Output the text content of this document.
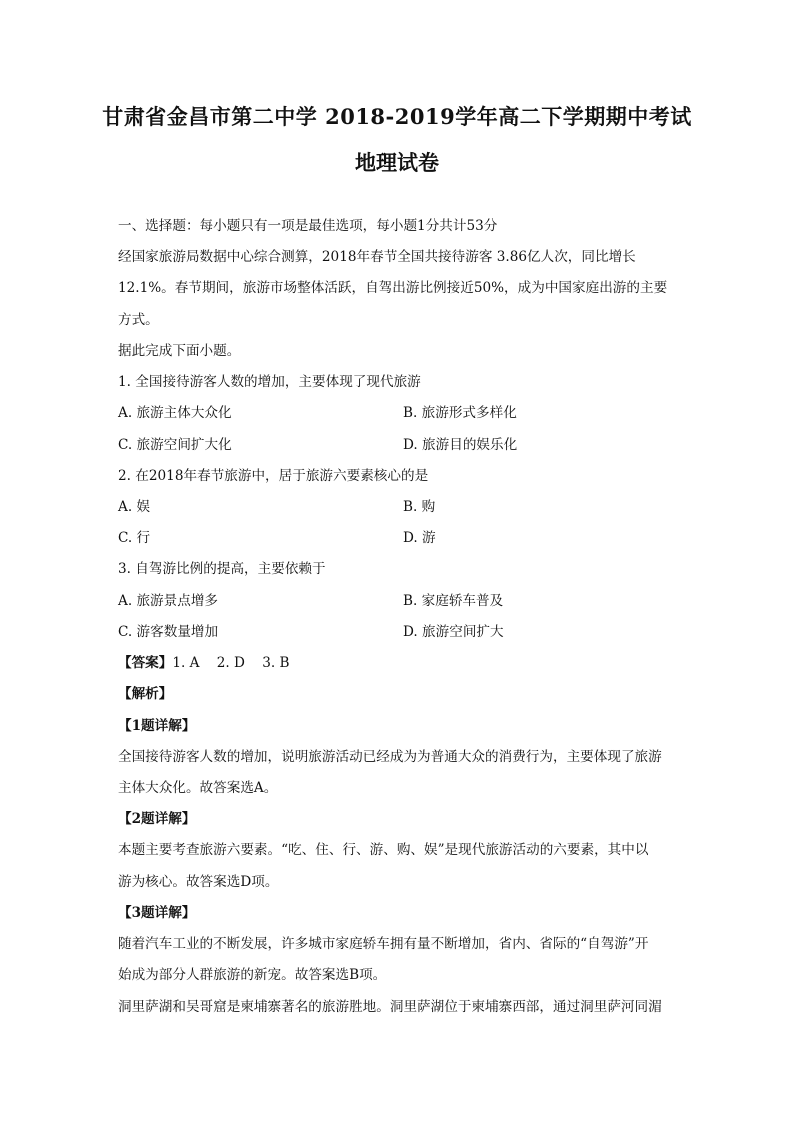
甘肃省金昌市第二中学 2018-2019学年高二下学期期中考试
地理试卷
一、选择题：每小题只有一项是最佳选项，每小题1分共计53分
经国家旅游局数据中心综合测算，2018年春节全国共接待游客 3.86亿人次，同比增长
12.1%。春节期间，旅游市场整体活跃，自驾出游比例接近50%，成为中国家庭出游的主要
方式。
据此完成下面小题。
1. 全国接待游客人数的增加，主要体现了现代旅游
A. 旅游主体大众化	B. 旅游形式多样化
C. 旅游空间扩大化	D. 旅游目的娱乐化
2. 在2018年春节旅游中，居于旅游六要素核心的是
A. 娱	B. 购
C. 行	D. 游
3. 自驾游比例的提高，主要依赖于
A. 旅游景点增多	B. 家庭轿车普及
C. 游客数量增加	D. 旅游空间扩大
【答案】1. A    2. D    3. B
【解析】
【1题详解】
全国接待游客人数的增加，说明旅游活动已经成为为普通大众的消费行为，主要体现了旅游
主体大众化。故答案选A。
【2题详解】
本题主要考查旅游六要素。“吃、住、行、游、购、娱”是现代旅游活动的六要素，其中以
游为核心。故答案选D项。
【3题详解】
随着汽车工业的不断发展，许多城市家庭轿车拥有量不断增加，省内、省际的“自驾游”开
始成为部分人群旅游的新宠。故答案选B项。
洞里萨湖和吴哥窟是柬埔寨著名的旅游胜地。洞里萨湖位于柬埔寨西部，通过洞里萨河同湄
